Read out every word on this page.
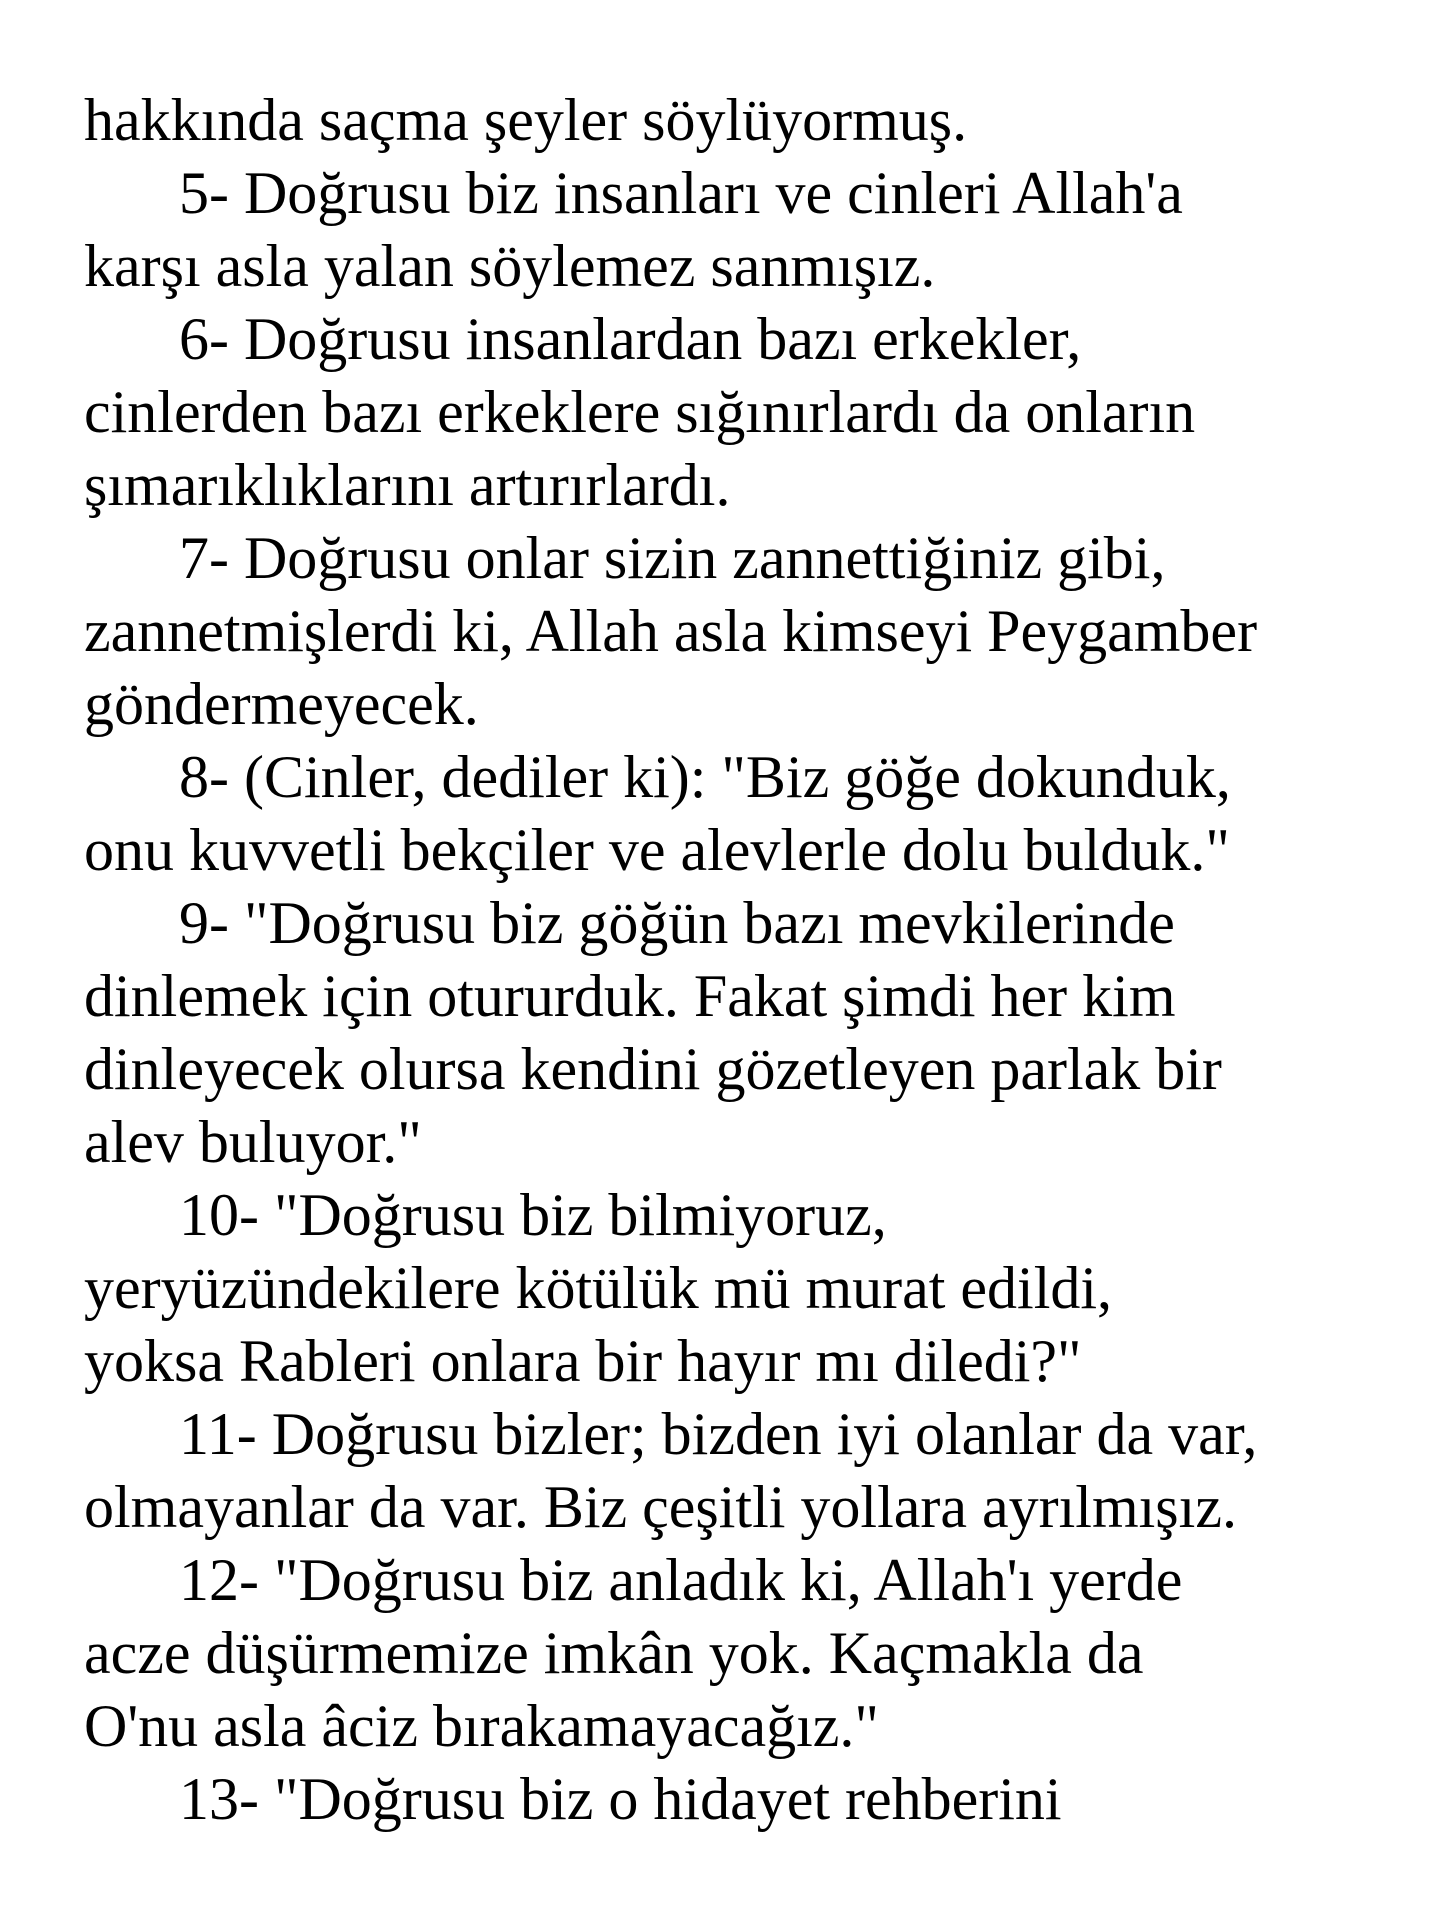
hakkında saçma şeyler söylüyormuş.
5- Doğrusu biz insanları ve cinleri Allah'a
karşı asla yalan söylemez sanmışız.
6- Doğrusu insanlardan bazı erkekler,
cinlerden bazı erkeklere sığınırlardı da onların
şımarıklıklarını artırırlardı.
7- Doğrusu onlar sizin zannettiğiniz gibi,
zannetmişlerdi ki, Allah asla kimseyi Peygamber
göndermeyecek.
8- (Cinler, dediler ki): "Biz göğe dokunduk,
onu kuvvetli bekçiler ve alevlerle dolu bulduk."
9- "Doğrusu biz göğün bazı mevkilerinde
dinlemek için otururduk. Fakat şimdi her kim
dinleyecek olursa kendini gözetleyen parlak bir
alev buluyor."
10- "Doğrusu biz bilmiyoruz,
yeryüzündekilere kötülük mü murat edildi,
yoksa Rableri onlara bir hayır mı diledi?"
11- Doğrusu bizler; bizden iyi olanlar da var,
olmayanlar da var. Biz çeşitli yollara ayrılmışız.
12- "Doğrusu biz anladık ki, Allah'ı yerde
acze düşürmemize imkân yok. Kaçmakla da
O'nu asla âciz bırakamayacağız."
13- "Doğrusu biz o hidayet rehberini
